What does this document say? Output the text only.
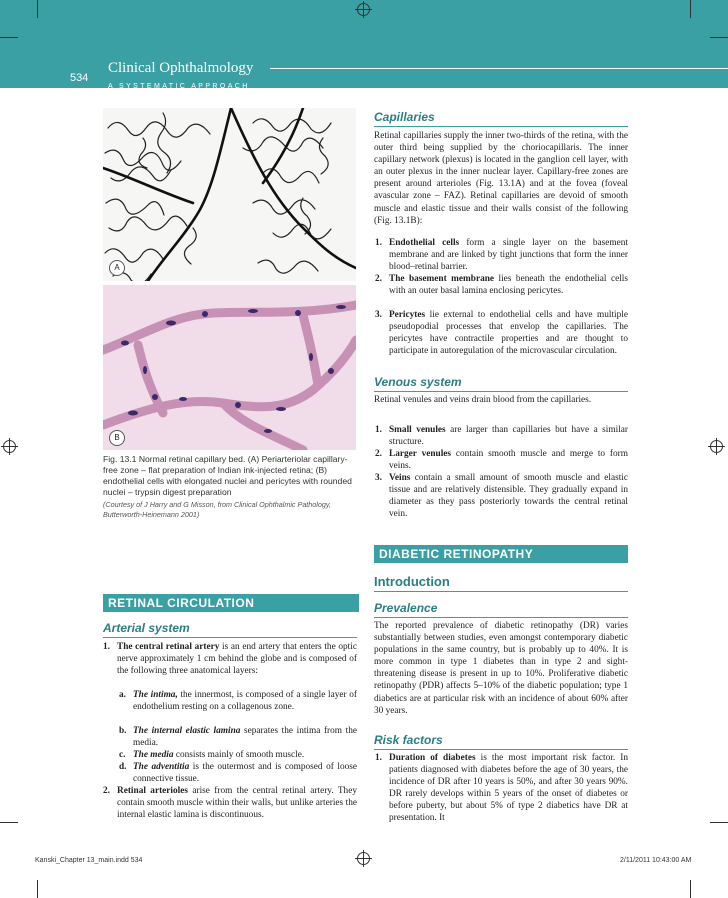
534
Clinical Ophthalmology
A SYSTEMATIC APPROACH
A
B
Fig. 13.1 Normal retinal capillary bed. (A) Periarteriolar capillary-free zone – flat preparation of Indian ink-injected retina; (B) endothelial cells with elongated nuclei and pericytes with rounded nuclei – trypsin digest preparation
(Courtesy of J Harry and G Misson, from Clinical Ophthalmic Pathology, Butterworth-Heinemann 2001)
RETINAL CIRCULATION
Arterial system
1. The central retinal artery is an end artery that enters the optic nerve approximately 1 cm behind the globe and is composed of the following three anatomical layers:
a. The intima, the innermost, is composed of a single layer of endothelium resting on a collagenous zone.
b. The internal elastic lamina separates the intima from the media.
c. The media consists mainly of smooth muscle.
d. The adventitia is the outermost and is composed of loose connective tissue.
2. Retinal arterioles arise from the central retinal artery. They contain smooth muscle within their walls, but unlike arteries the internal elastic lamina is discontinuous.
Capillaries
Retinal capillaries supply the inner two-thirds of the retina, with the outer third being supplied by the choriocapillaris. The inner capillary network (plexus) is located in the ganglion cell layer, with an outer plexus in the inner nuclear layer. Capillary-free zones are present around arterioles (Fig. 13.1A) and at the fovea (foveal avascular zone – FAZ). Retinal capillaries are devoid of smooth muscle and elastic tissue and their walls consist of the following (Fig. 13.1B):
1. Endothelial cells form a single layer on the basement membrane and are linked by tight junctions that form the inner blood–retinal barrier.
2. The basement membrane lies beneath the endothelial cells with an outer basal lamina enclosing pericytes.
3. Pericytes lie external to endothelial cells and have multiple pseudopodial processes that envelop the capillaries. The pericytes have contractile properties and are thought to participate in autoregulation of the microvascular circulation.
Venous system
Retinal venules and veins drain blood from the capillaries.
1. Small venules are larger than capillaries but have a similar structure.
2. Larger venules contain smooth muscle and merge to form veins.
3. Veins contain a small amount of smooth muscle and elastic tissue and are relatively distensible. They gradually expand in diameter as they pass posteriorly towards the central retinal vein.
DIABETIC RETINOPATHY
Introduction
Prevalence
The reported prevalence of diabetic retinopathy (DR) varies substantially between studies, even amongst contemporary diabetic populations in the same country, but is probably up to 40%. It is more common in type 1 diabetes than in type 2 and sight-threatening disease is present in up to 10%. Proliferative diabetic retinopathy (PDR) affects 5–10% of the diabetic population; type 1 diabetics are at particular risk with an incidence of about 60% after 30 years.
Risk factors
1. Duration of diabetes is the most important risk factor. In patients diagnosed with diabetes before the age of 30 years, the incidence of DR after 10 years is 50%, and after 30 years 90%. DR rarely develops within 5 years of the onset of diabetes or before puberty, but about 5% of type 2 diabetics have DR at presentation. It
Kanski_Chapter 13_main.indd 534	2/11/2011 10:43:00 AM
